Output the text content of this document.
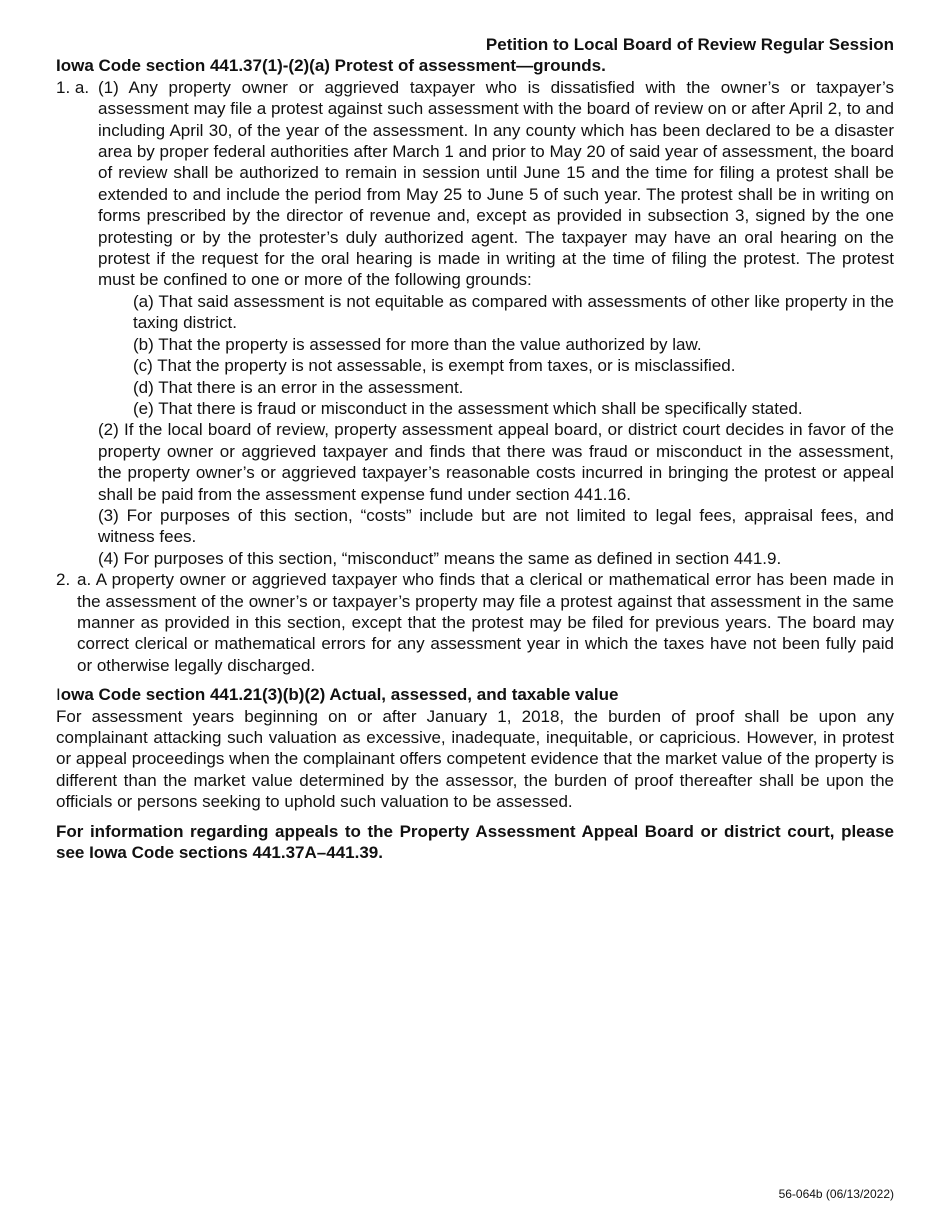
Petition to Local Board of Review Regular Session
Iowa Code section 441.37(1)-(2)(a) Protest of assessment—grounds.

1. a. (1) Any property owner or aggrieved taxpayer who is dissatisfied with the owner’s or taxpayer’s assessment may file a protest against such assessment with the board of review on or after April 2, to and including April 30, of the year of the assessment. In any county which has been declared to be a disaster area by proper federal authorities after March 1 and prior to May 20 of said year of assessment, the board of review shall be authorized to remain in session until June 15 and the time for filing a protest shall be extended to and include the period from May 25 to June 5 of such year. The protest shall be in writing on forms prescribed by the director of revenue and, except as provided in subsection 3, signed by the one protesting or by the protester’s duly authorized agent. The taxpayer may have an oral hearing on the protest if the request for the oral hearing is made in writing at the time of filing the protest. The protest must be confined to one or more of the following grounds:

(a) That said assessment is not equitable as compared with assessments of other like property in the taxing district.

(b) That the property is assessed for more than the value authorized by law.

(c) That the property is not assessable, is exempt from taxes, or is misclassified.

(d) That there is an error in the assessment.

(e) That there is fraud or misconduct in the assessment which shall be specifically stated.

(2) If the local board of review, property assessment appeal board, or district court decides in favor of the property owner or aggrieved taxpayer and finds that there was fraud or misconduct in the assessment, the property owner’s or aggrieved taxpayer’s reasonable costs incurred in bringing the protest or appeal shall be paid from the assessment expense fund under section 441.16.

(3) For purposes of this section, “costs” include but are not limited to legal fees, appraisal fees, and witness fees.

(4) For purposes of this section, “misconduct” means the same as defined in section 441.9.

2. a. A property owner or aggrieved taxpayer who finds that a clerical or mathematical error has been made in the assessment of the owner’s or taxpayer’s property may file a protest against that assessment in the same manner as provided in this section, except that the protest may be filed for previous years. The board may correct clerical or mathematical errors for any assessment year in which the taxes have not been fully paid or otherwise legally discharged.

Iowa Code section 441.21(3)(b)(2) Actual, assessed, and taxable value

For assessment years beginning on or after January 1, 2018, the burden of proof shall be upon any complainant attacking such valuation as excessive, inadequate, inequitable, or capricious. However, in protest or appeal proceedings when the complainant offers competent evidence that the market value of the property is different than the market value determined by the assessor, the burden of proof thereafter shall be upon the officials or persons seeking to uphold such valuation to be assessed.

For information regarding appeals to the Property Assessment Appeal Board or district court, please see Iowa Code sections 441.37A–441.39.

56-064b (06/13/2022)
